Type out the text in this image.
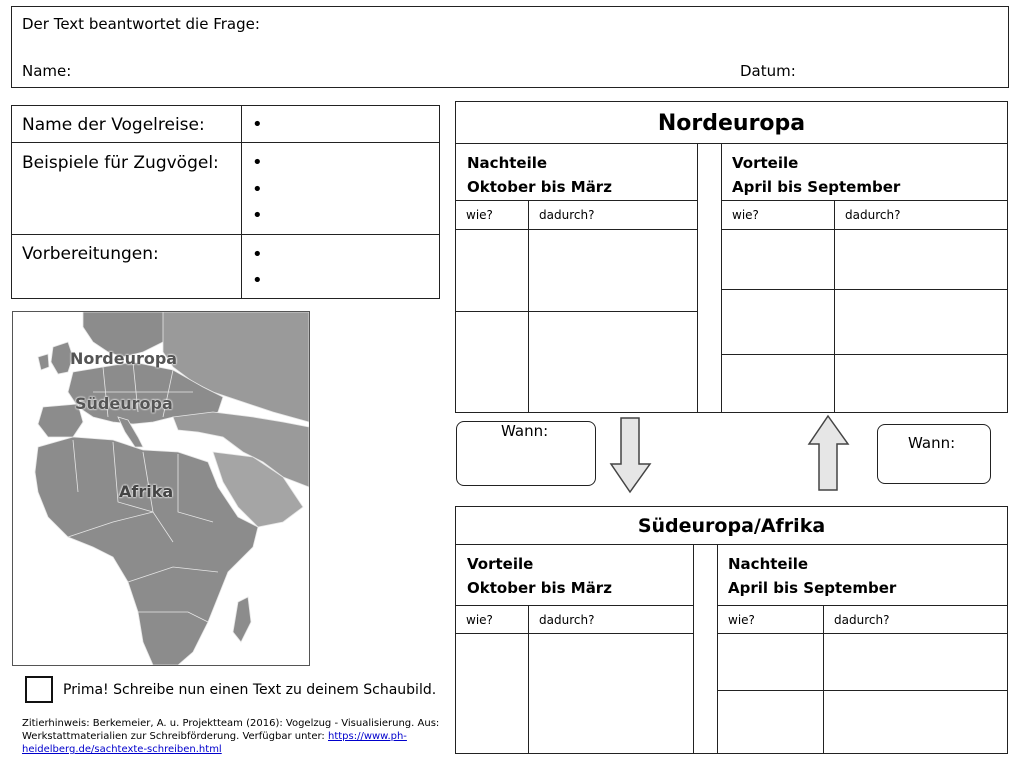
Der Text beantwortet die Frage:
Name:	Datum:
Name der Vogelreise:	•
Beispiele für Zugvögel: •
•
•
Vorbereitungen:	•
•
Nordeuropa
Südeuropa
Afrika
Nordeuropa
Nachteile
Oktober bis März
Vorteile
April bis September
wie?	dadurch?	wie?	dadurch?
Wann:
Wann:
Südeuropa/Afrika
Vorteile
Oktober bis März
Nachteile
April bis September
wie?	dadurch?	wie?	dadurch?
Prima! Schreibe nun einen Text zu deinem Schaubild.
Zitierhinweis: Berkemeier, A. u. Projektteam (2016): Vogelzug - Visualisierung. Aus:
Werkstattmaterialien zur Schreibförderung. Verfügbar unter: https://www.ph-
heidelberg.de/sachtexte-schreiben.html
